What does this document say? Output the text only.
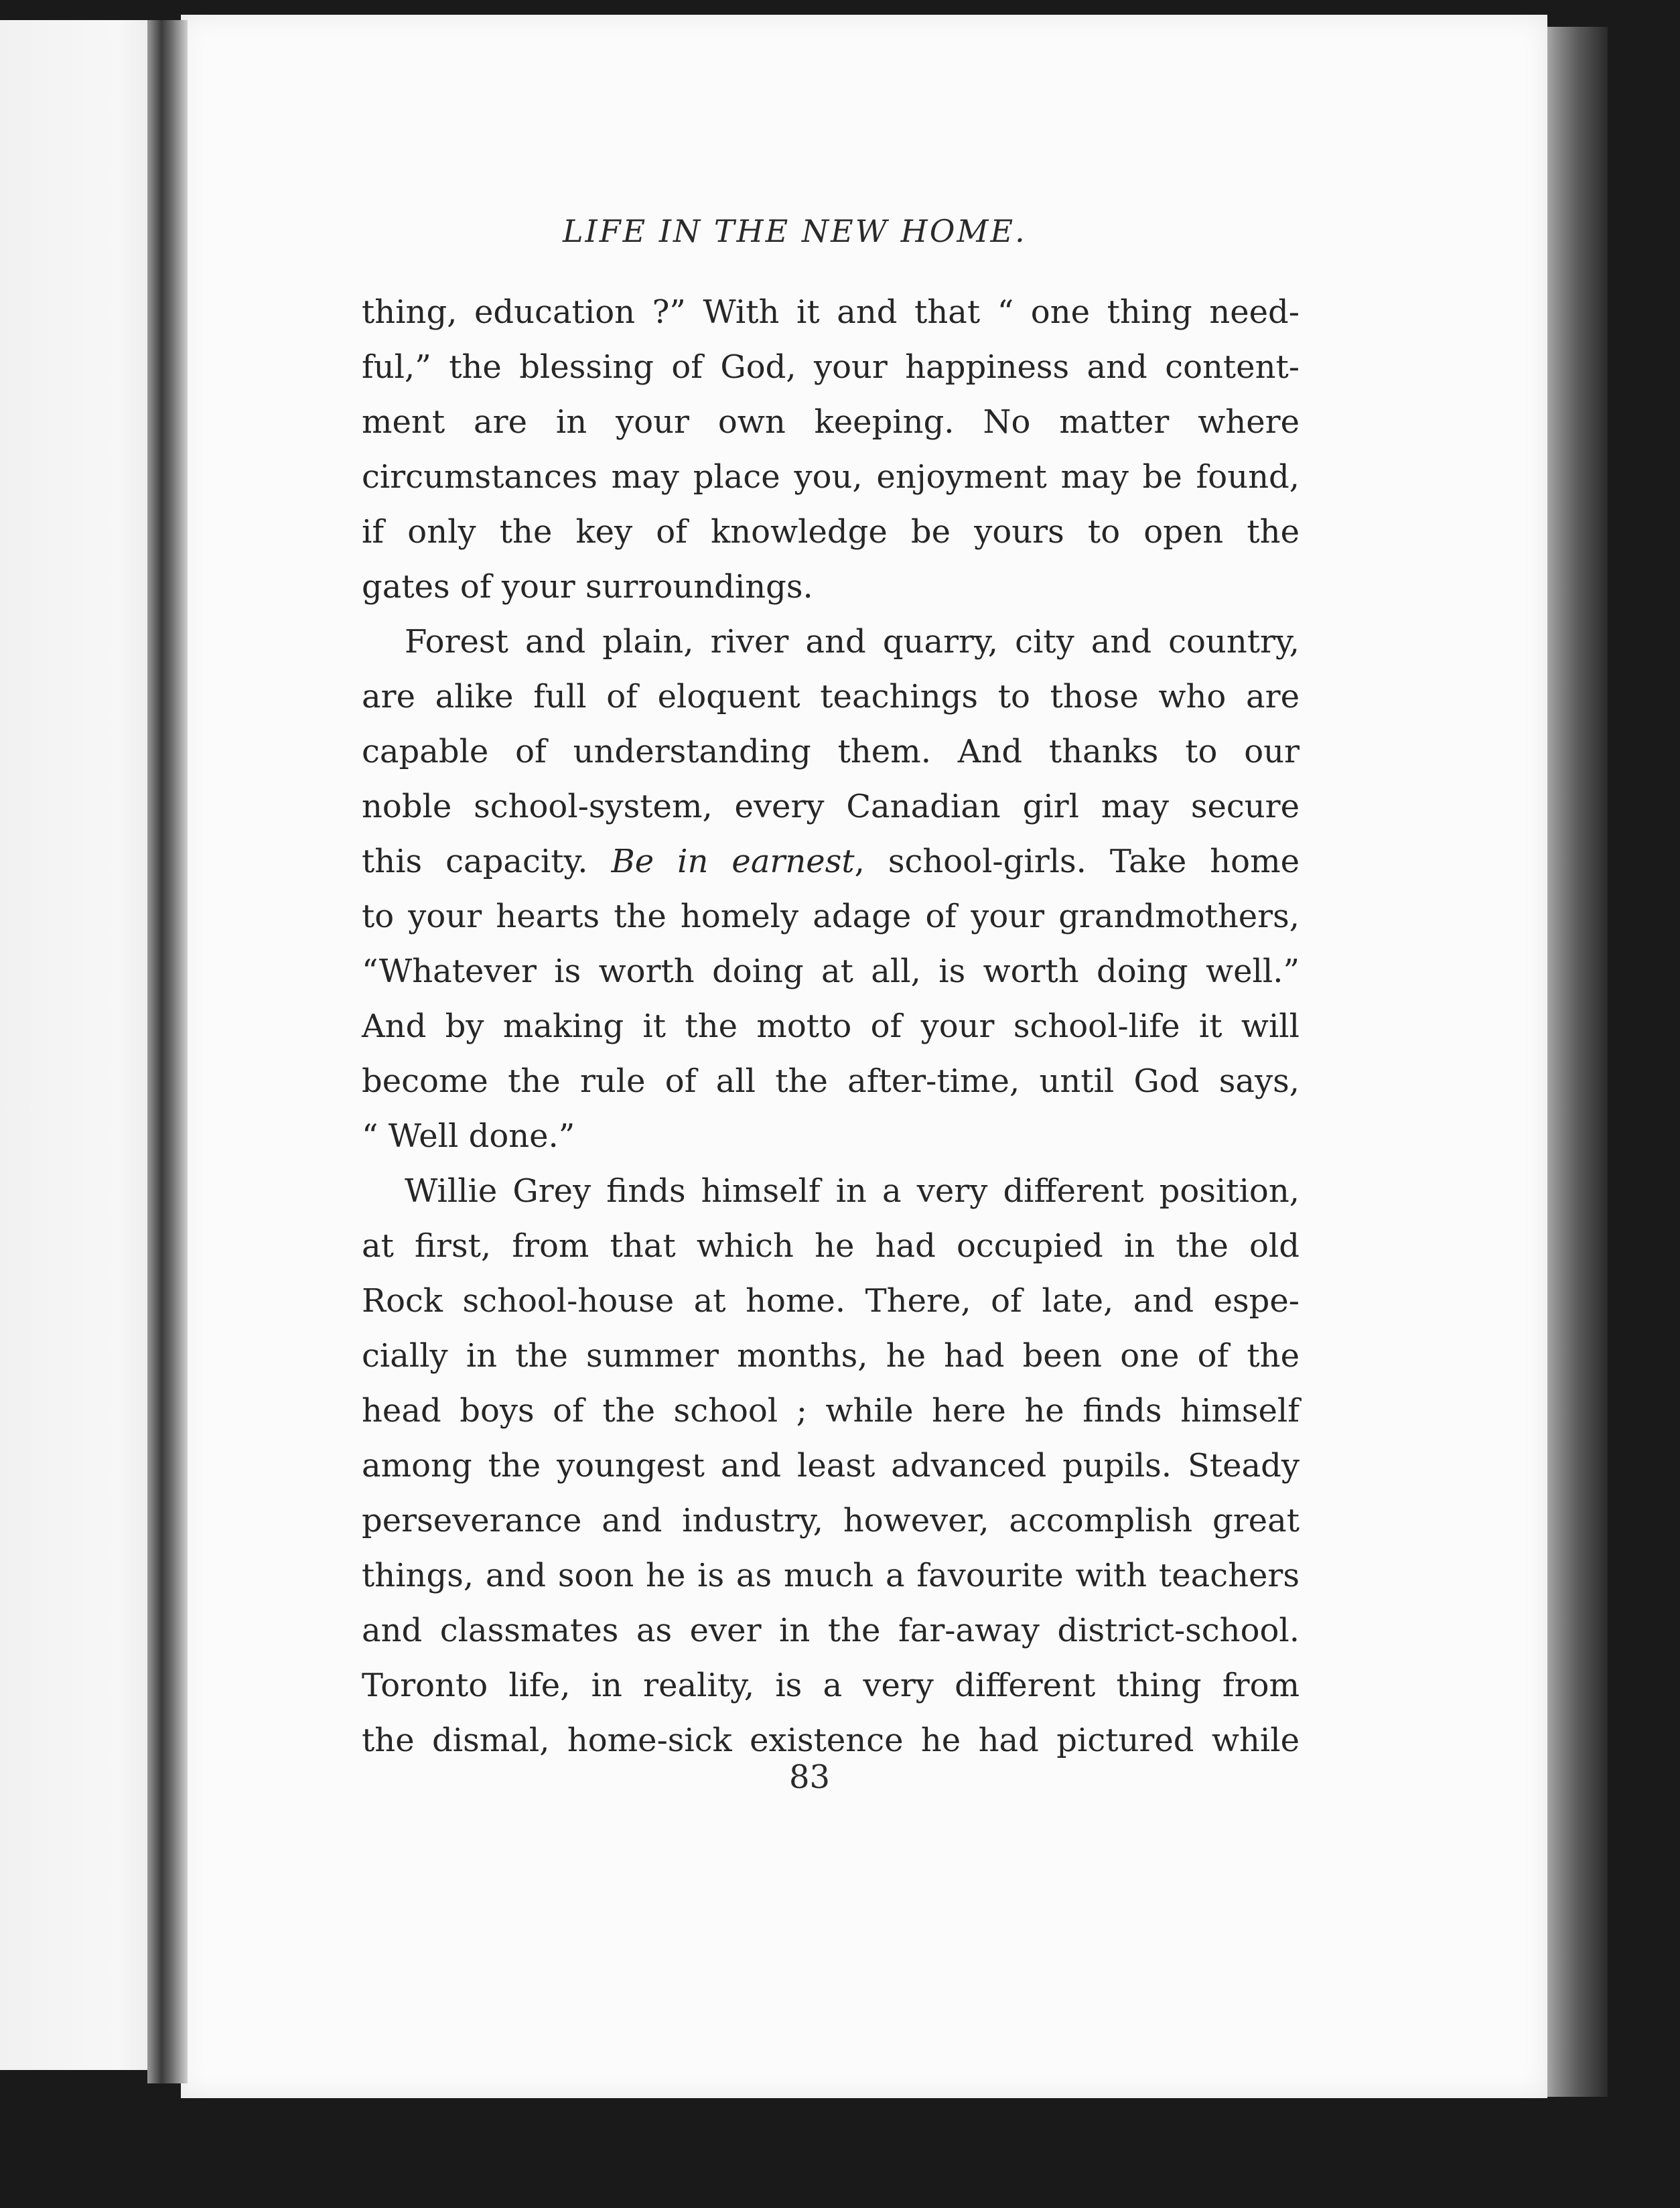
LIFE IN THE NEW HOME.
thing, education ?” With it and that “ one thing need-
ful,” the blessing of God, your happiness and content-
ment are in your own keeping. No matter where
circumstances may place you, enjoyment may be found,
if only the key of knowledge be yours to open the
gates of your surroundings.
Forest and plain, river and quarry, city and country,
are alike full of eloquent teachings to those who are
capable of understanding them. And thanks to our
noble school-system, every Canadian girl may secure
this capacity. Be in earnest, school-girls. Take home
to your hearts the homely adage of your grandmothers,
“Whatever is worth doing at all, is worth doing well.”
And by making it the motto of your school-life it will
become the rule of all the after-time, until God says,
“ Well done.”
Willie Grey finds himself in a very different position,
at first, from that which he had occupied in the old
Rock school-house at home. There, of late, and espe-
cially in the summer months, he had been one of the
head boys of the school ; while here he finds himself
among the youngest and least advanced pupils. Steady
perseverance and industry, however, accomplish great
things, and soon he is as much a favourite with teachers
and classmates as ever in the far-away district-school.
Toronto life, in reality, is a very different thing from
the dismal, home-sick existence he had pictured while
83
